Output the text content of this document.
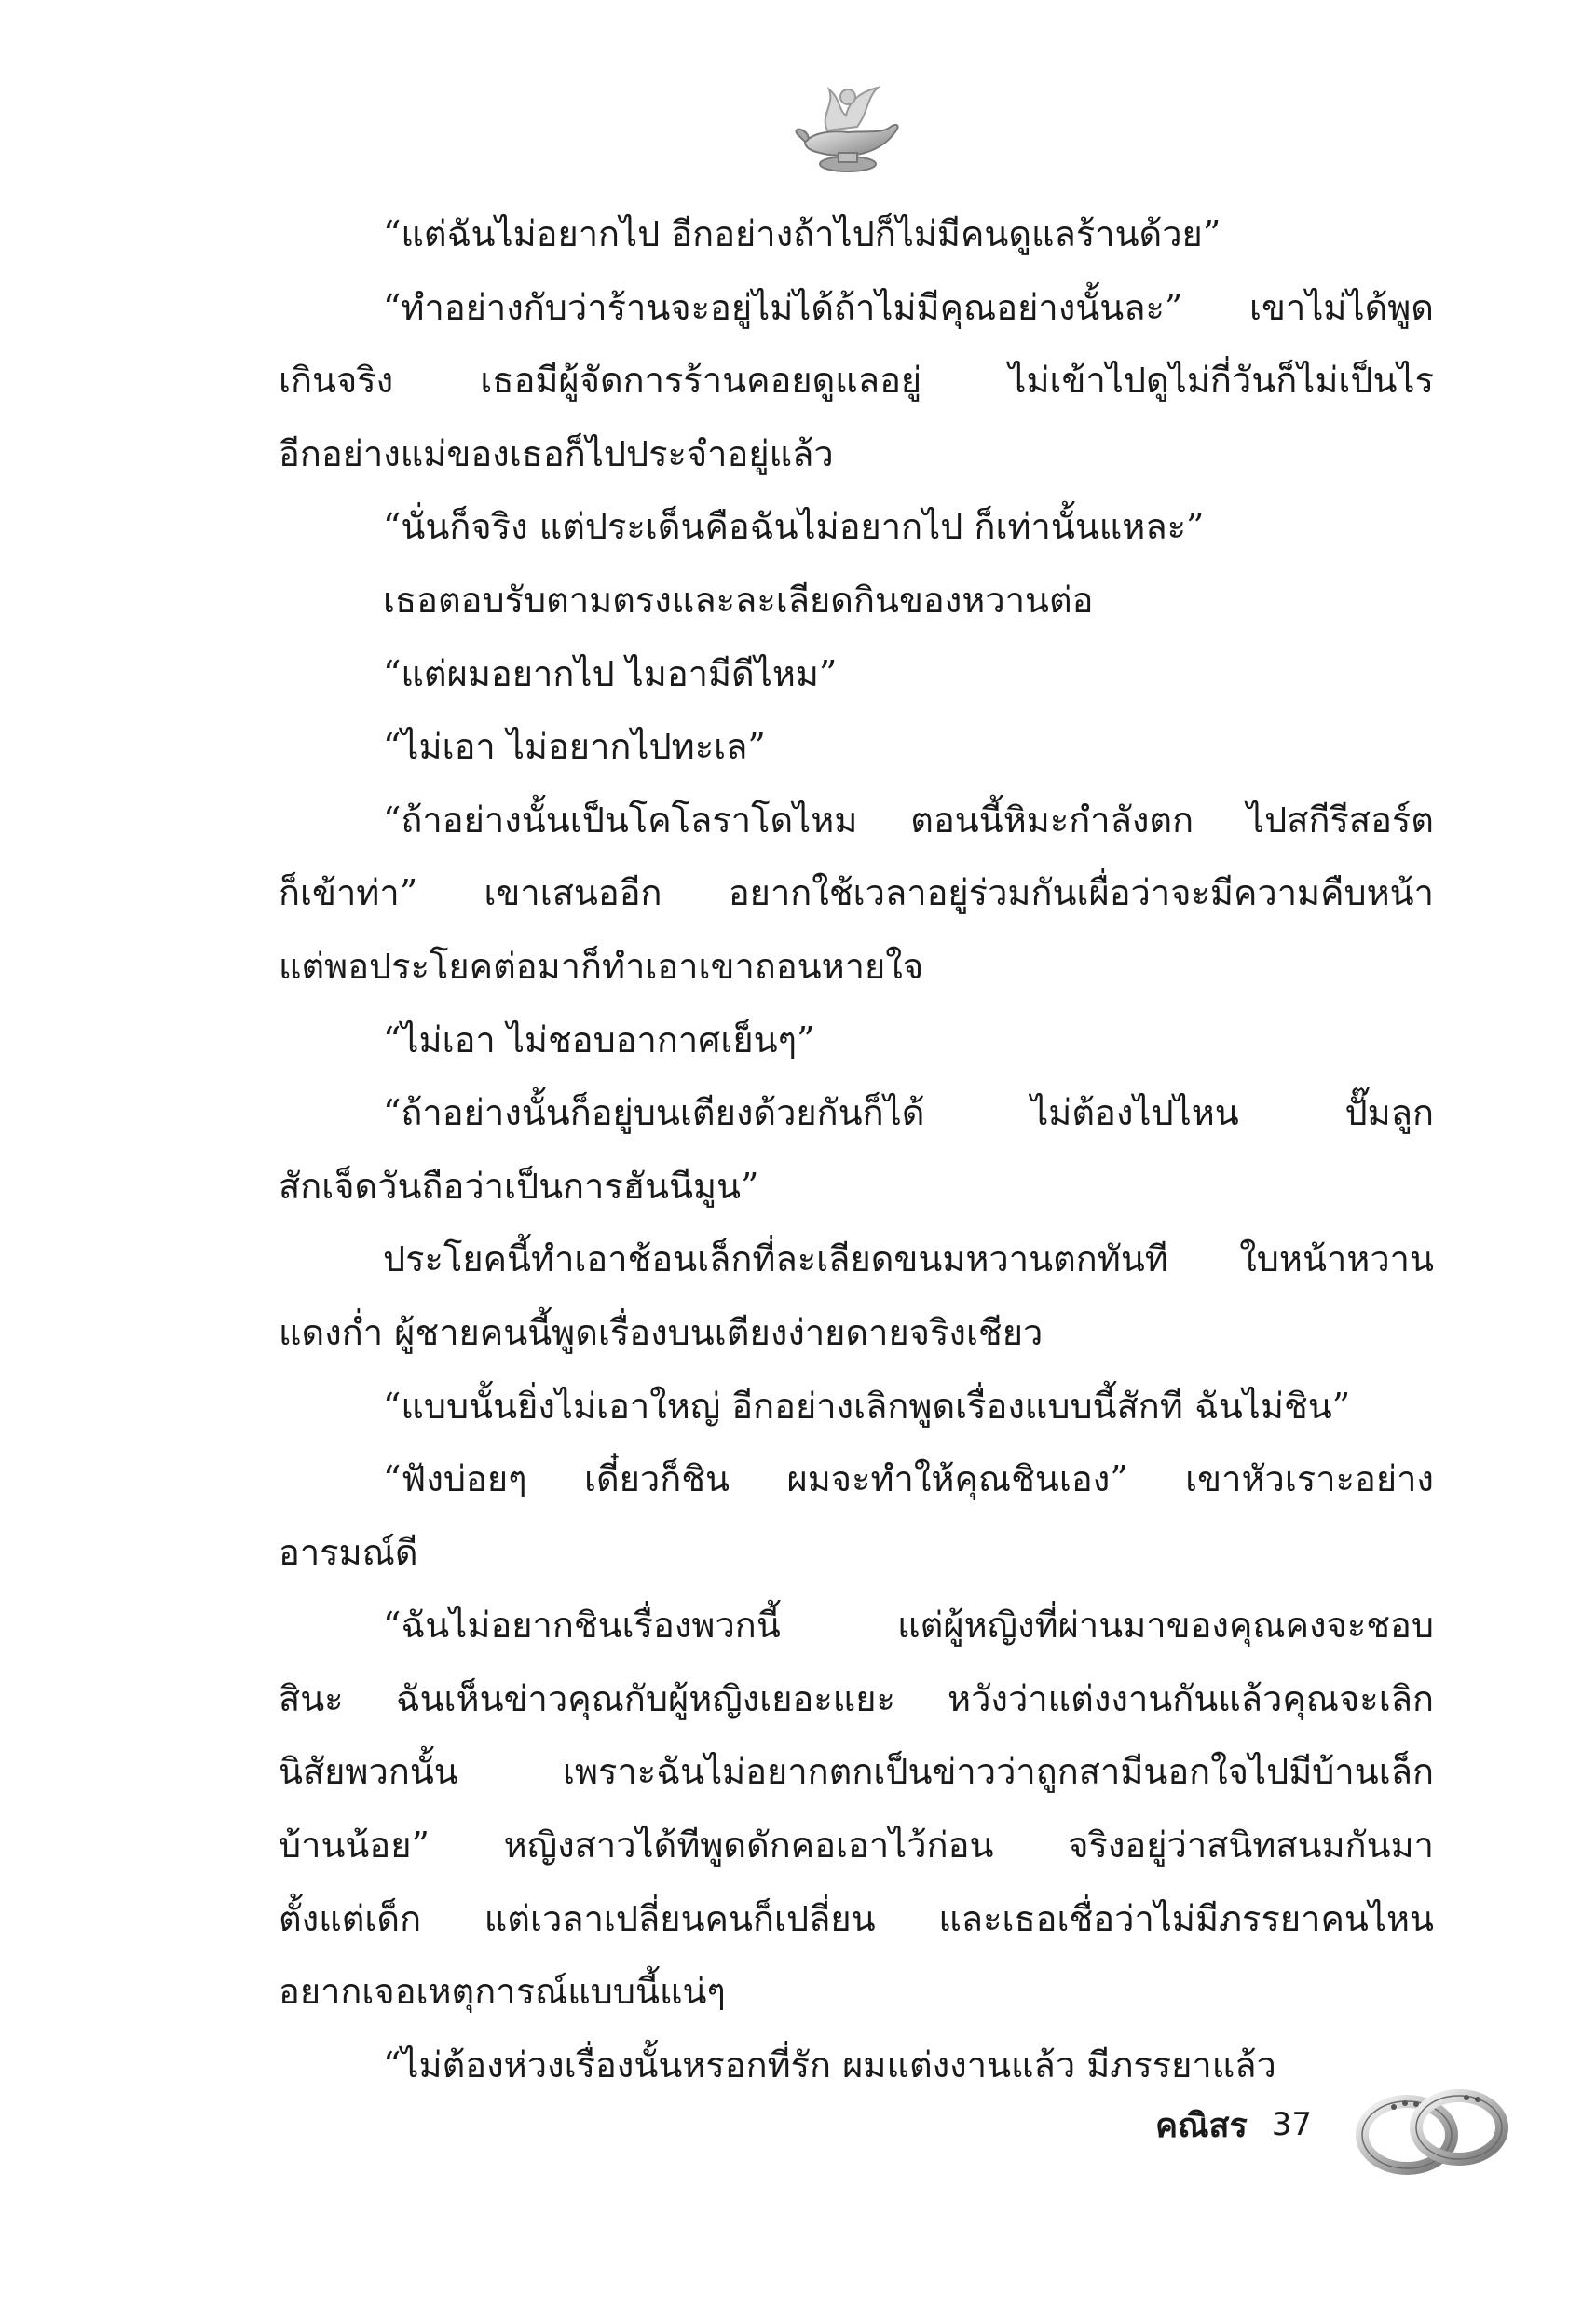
“แต่ฉันไม่อยากไป อีกอย่างถ้าไปก็ไม่มีคนดูแลร้านด้วย”
“ทำอย่างกับว่าร้านจะอยู่ไม่ได้ถ้าไม่มีคุณอย่างนั้นละ” เขาไม่ได้พูด
เกินจริง เธอมีผู้จัดการร้านคอยดูแลอยู่ ไม่เข้าไปดูไม่กี่วันก็ไม่เป็นไร
อีกอย่างแม่ของเธอก็ไปประจำอยู่แล้ว
“นั่นก็จริง แต่ประเด็นคือฉันไม่อยากไป ก็เท่านั้นแหละ”
เธอตอบรับตามตรงและละเลียดกินของหวานต่อ
“แต่ผมอยากไป ไมอามีดีไหม”
“ไม่เอา ไม่อยากไปทะเล”
“ถ้าอย่างนั้นเป็นโคโลราโดไหม ตอนนี้หิมะกำลังตก ไปสกีรีสอร์ต
ก็เข้าท่า” เขาเสนออีก อยากใช้เวลาอยู่ร่วมกันเผื่อว่าจะมีความคืบหน้า
แต่พอประโยคต่อมาก็ทำเอาเขาถอนหายใจ
“ไม่เอา ไม่ชอบอากาศเย็นๆ”
“ถ้าอย่างนั้นก็อยู่บนเตียงด้วยกันก็ได้ ไม่ต้องไปไหน ปั๊มลูก
สักเจ็ดวันถือว่าเป็นการฮันนีมูน”
ประโยคนี้ทำเอาช้อนเล็กที่ละเลียดขนมหวานตกทันที ใบหน้าหวาน
แดงก่ำ ผู้ชายคนนี้พูดเรื่องบนเตียงง่ายดายจริงเชียว
“แบบนั้นยิ่งไม่เอาใหญ่ อีกอย่างเลิกพูดเรื่องแบบนี้สักที ฉันไม่ชิน”
“ฟังบ่อยๆ เดี๋ยวก็ชิน ผมจะทำให้คุณชินเอง” เขาหัวเราะอย่าง
อารมณ์ดี
“ฉันไม่อยากชินเรื่องพวกนี้ แต่ผู้หญิงที่ผ่านมาของคุณคงจะชอบ
สินะ ฉันเห็นข่าวคุณกับผู้หญิงเยอะแยะ หวังว่าแต่งงานกันแล้วคุณจะเลิก
นิสัยพวกนั้น เพราะฉันไม่อยากตกเป็นข่าวว่าถูกสามีนอกใจไปมีบ้านเล็ก
บ้านน้อย” หญิงสาวได้ทีพูดดักคอเอาไว้ก่อน จริงอยู่ว่าสนิทสนมกันมา
ตั้งแต่เด็ก แต่เวลาเปลี่ยนคนก็เปลี่ยน และเธอเชื่อว่าไม่มีภรรยาคนไหน
อยากเจอเหตุการณ์แบบนี้แน่ๆ
“ไม่ต้องห่วงเรื่องนั้นหรอกที่รัก ผมแต่งงานแล้ว มีภรรยาแล้ว
คณิสร 37
